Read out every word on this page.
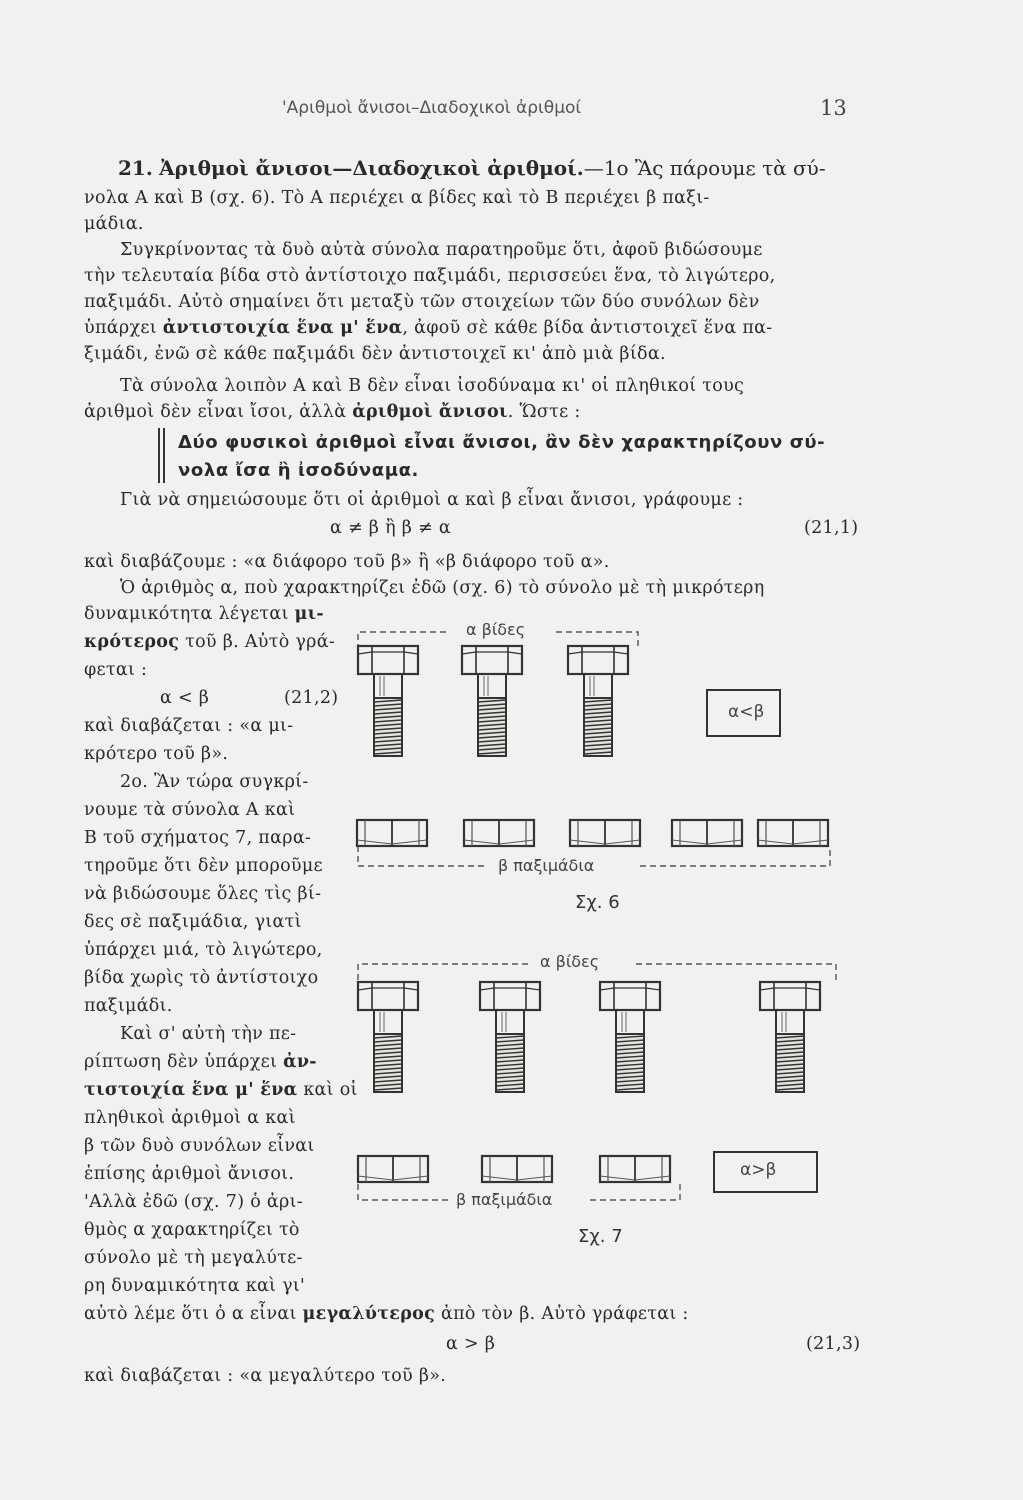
'Αριθμοὶ ἄνισοι–Διαδοχικοὶ ἀριθμοί	13
21. Ἀριθμοὶ ἄνισοι—Διαδοχικοὶ ἀριθμοί.—1ο Ἂς πάρουμε τὰ σύ-
νολα Α καὶ Β (σχ. 6). Τὸ Α περιέχει α βίδες καὶ τὸ Β περιέχει β παξι-
μάδια.
Συγκρίνοντας τὰ δυὸ αὐτὰ σύνολα παρατηροῦμε ὅτι, ἀφοῦ βιδώσουμε
τὴν τελευταία βίδα στὸ ἀντίστοιχο παξιμάδι, περισσεύει ἕνα, τὸ λιγώτερο,
παξιμάδι. Αὐτὸ σημαίνει ὅτι μεταξὺ τῶν στοιχείων τῶν δύο συνόλων δὲν
ὑπάρχει ἀντιστοιχία ἕνα μ' ἕνα, ἀφοῦ σὲ κάθε βίδα ἀντιστοιχεῖ ἕνα πα-
ξιμάδι, ἐνῶ σὲ κάθε παξιμάδι δὲν ἀντιστοιχεῖ κι' ἀπὸ μιὰ βίδα.
Τὰ σύνολα λοιπὸν Α καὶ Β δὲν εἶναι ἰσοδύναμα κι' οἱ πληθικοί τους
ἀριθμοὶ δὲν εἶναι ἴσοι, ἀλλὰ ἀριθμοὶ ἄνισοι. Ὥστε :
Δύο φυσικοὶ ἀριθμοὶ εἶναι ἄνισοι, ἂν δὲν χαρακτηρίζουν σύ-
νολα ἴσα ἢ ἰσοδύναμα.
Γιὰ νὰ σημειώσουμε ὅτι οἱ ἀριθμοὶ α καὶ β εἶναι ἄνισοι, γράφουμε :
α ≠ β ἢ β ≠ α	(21,1)
καὶ διαβάζουμε : «α διάφορο τοῦ β» ἢ «β διάφορο τοῦ α».
Ὁ ἀριθμὸς α, ποὺ χαρακτηρίζει ἐδῶ (σχ. 6) τὸ σύνολο μὲ τὴ μικρότερη
δυναμικότητα λέγεται μι-
κρότερος τοῦ β. Αὐτὸ γρά-
φεται :
α < β	(21,2)
καὶ διαβάζεται : «α μι-
κρότερο τοῦ β».
2ο. Ἂν τώρα συγκρί-
νουμε τὰ σύνολα Α καὶ
Β τοῦ σχήματος 7, παρα-
τηροῦμε ὅτι δὲν μποροῦμε
νὰ βιδώσουμε ὅλες τὶς βί-
δες σὲ παξιμάδια, γιατὶ
ὑπάρχει μιά, τὸ λιγώτερο,
βίδα χωρὶς τὸ ἀντίστοιχο
παξιμάδι.
Καὶ σ' αὐτὴ τὴν πε-
ρίπτωση δὲν ὑπάρχει ἀν-
τιστοιχία ἕνα μ' ἕνα καὶ οἱ
πληθικοὶ ἀριθμοὶ α καὶ
β τῶν δυὸ συνόλων εἶναι
ἐπίσης ἀριθμοὶ ἄνισοι.
'Αλλὰ ἐδῶ (σχ. 7) ὁ ἀρι-
θμὸς α χαρακτηρίζει τὸ
σύνολο μὲ τὴ μεγαλύτε-
ρη δυναμικότητα καὶ γι'
αὐτὸ λέμε ὅτι ὁ α εἶναι μεγαλύτερος ἀπὸ τὸν β. Αὐτὸ γράφεται :
α > β	(21,3)
καὶ διαβάζεται : «α μεγαλύτερο τοῦ β».
α βίδες
α<β
β παξιμάδια
Σχ. 6
α βίδες
α>β
β παξιμάδια
Σχ. 7
